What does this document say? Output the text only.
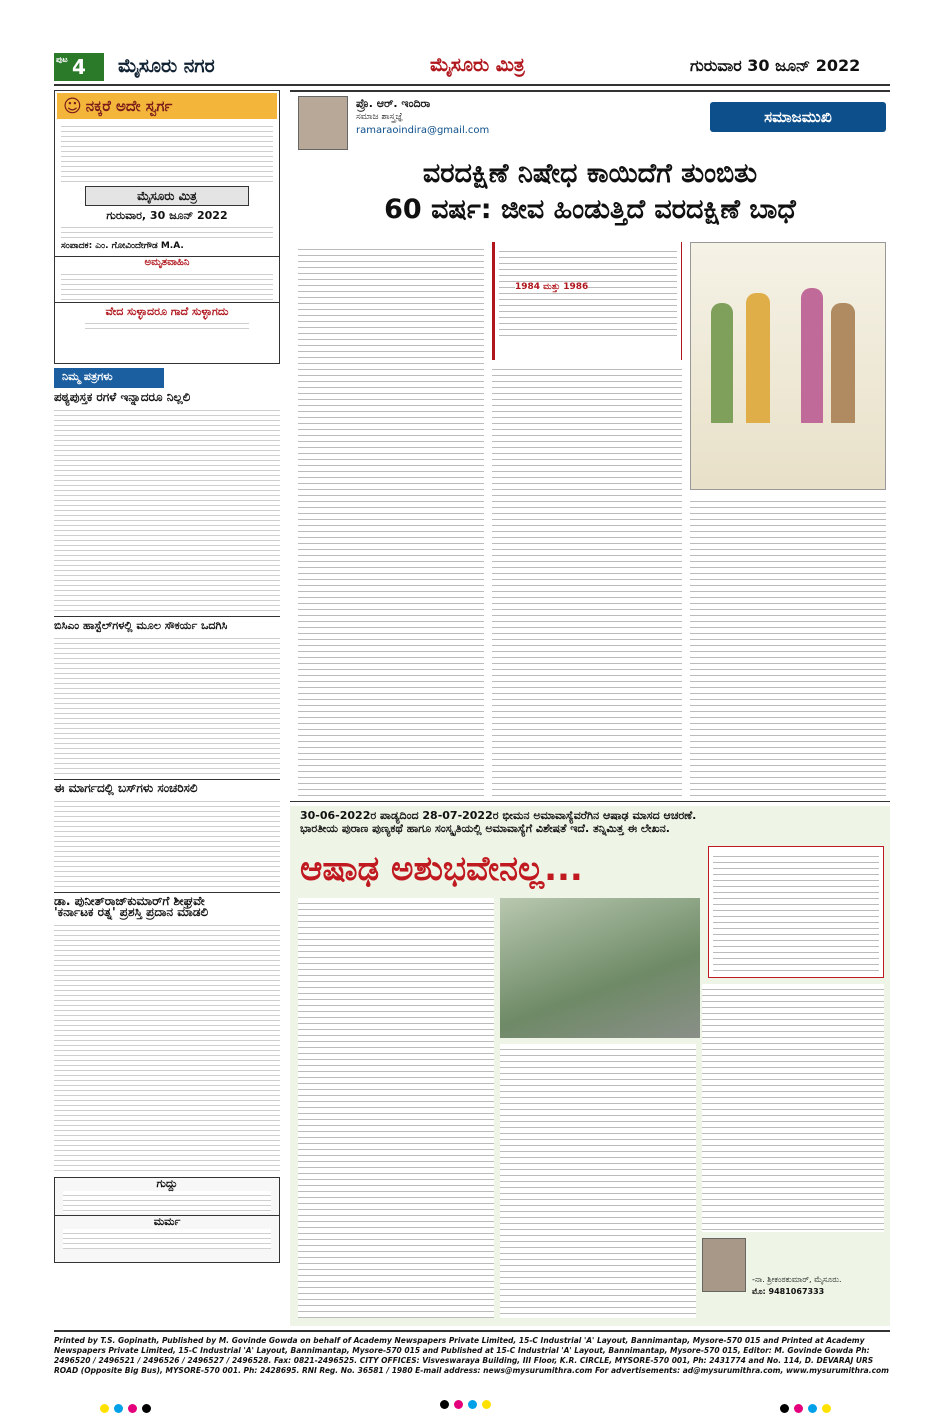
ಪುಟ 4 ಮೈಸೂರು ನಗರ	ಮೈಸೂರು ಮಿತ್ರ	ಗುರುವಾರ 30 ಜೂನ್ 2022
☺ ನಕ್ಕರೆ ಅದೇ ಸ್ವರ್ಗ
ಮೈಸೂರು ಮಿತ್ರ
ಗುರುವಾರ, 30 ಜೂನ್ 2022
ಸಂಪಾದಕ: ಎಂ. ಗೋವಿಂದೇಗೌಡ M.A.
ಅಮೃತವಾಹಿನಿ
ವೇದ ಸುಳ್ಳಾದರೂ ಗಾದೆ ಸುಳ್ಳಾಗದು
ನಿಮ್ಮ ಪತ್ರಗಳು
ಪಠ್ಯಪುಸ್ತಕ ರಗಳೆ ಇನ್ನಾದರೂ ನಿಲ್ಲಲಿ
ಬಿಸಿಎಂ ಹಾಸ್ಟೆಲ್‌ಗಳಲ್ಲಿ ಮೂಲ ಸೌಕರ್ಯ ಒದಗಿಸಿ
ಈ ಮಾರ್ಗದಲ್ಲಿ ಬಸ್‌ಗಳು ಸಂಚರಿಸಲಿ
ಡಾ. ಪುನೀತ್‌ರಾಜ್‌ಕುಮಾರ್‌ಗೆ ಶೀಘ್ರವೇ
'ಕರ್ನಾಟಕ ರತ್ನ' ಪ್ರಶಸ್ತಿ ಪ್ರದಾನ ಮಾಡಲಿ
ಗುದ್ದು
ಮರ್ಮ
ಪ್ರೊ. ಆರ್. ಇಂದಿರಾ
ಸಮಾಜ ಶಾಸ್ತ್ರಜ್ಞೆ
ramaraoindira@gmail.com
ಸಮಾಜಮುಖಿ
ವರದಕ್ಷಿಣೆ ನಿಷೇಧ ಕಾಯಿದೆಗೆ ತುಂಬಿತು
60 ವರ್ಷ: ಜೀವ ಹಿಂಡುತ್ತಿದೆ ವರದಕ್ಷಿಣೆ ಬಾಧೆ
1984 ಮತ್ತು 1986
30-06-2022ರ ಪಾಡ್ಯದಿಂದ 28-07-2022ರ ಭೀಮನ ಅಮಾವಾಸ್ಯೆವರೆಗಿನ ಆಷಾಢ ಮಾಸದ ಆಚರಣೆ.
ಭಾರತೀಯ ಪುರಾಣ ಪುಣ್ಯಕಥೆ ಹಾಗೂ ಸಂಸ್ಕೃತಿಯಲ್ಲಿ ಅಮಾವಾಸ್ಯೆಗೆ ವಿಶೇಷತೆ ಇದೆ. ತನ್ನಿಮಿತ್ತ ಈ ಲೇಖನ.
ಆಷಾಢ ಅಶುಭವೇನಲ್ಲ...
-ನಾ. ಶ್ರೀಕಂಠಕುಮಾರ್, ಮೈಸೂರು.
ಮೊ: 9481067333
Printed by T.S. Gopinath, Published by M. Govinde Gowda on behalf of Academy Newspapers Private Limited, 15-C Industrial 'A' Layout, Bannimantap, Mysore-570 015 and Printed at Academy Newspapers Private Limited, 15-C Industrial 'A' Layout, Bannimantap, Mysore-570 015 and Published at 15-C Industrial 'A' Layout, Bannimantap, Mysore-570 015, Editor: M. Govinde Gowda Ph: 2496520 / 2496521 / 2496526 / 2496527 / 2496528. Fax: 0821-2496525. CITY OFFICES: Visveswaraya Building, III Floor, K.R. CIRCLE, MYSORE-570 001, Ph: 2431774 and No. 114, D. DEVARAJ URS ROAD (Opposite Big Bus), MYSORE-570 001. Ph: 2428695. RNI Reg. No. 36581 / 1980 E-mail address: news@mysurumithra.com For advertisements: ad@mysurumithra.com, www.mysurumithra.com
